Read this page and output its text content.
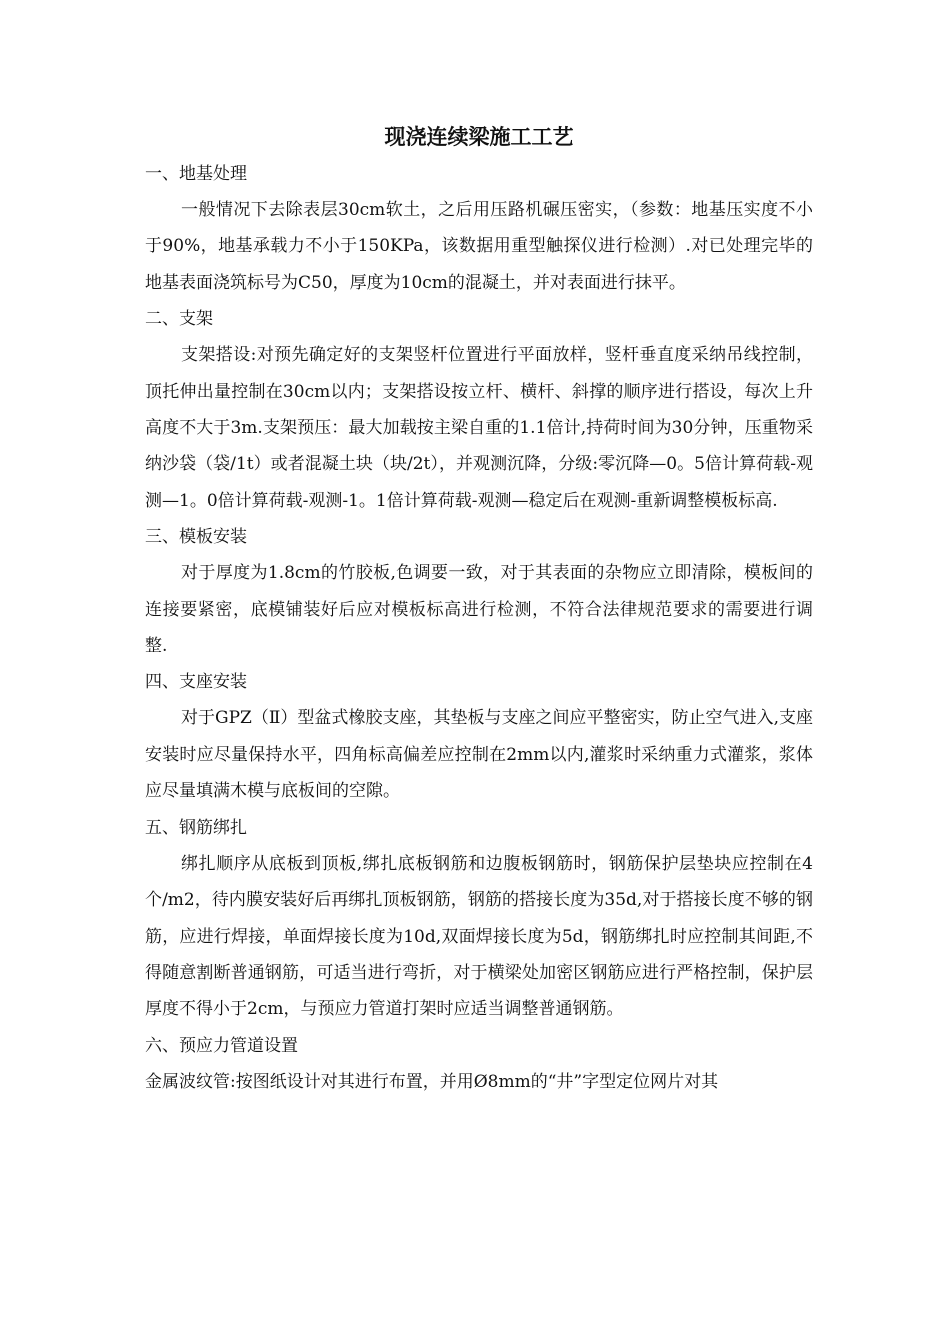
现浇连续梁施工工艺

一、地基处理

一般情况下去除表层30cm软土，之后用压路机碾压密实，（参数：地基压实度不小于90%，地基承载力不小于150KPa，该数据用重型触探仪进行检测）.对已处理完毕的地基表面浇筑标号为C50，厚度为10cm的混凝土，并对表面进行抹平。

二、支架

支架搭设:对预先确定好的支架竖杆位置进行平面放样，竖杆垂直度采纳吊线控制，顶托伸出量控制在30cm以内；支架搭设按立杆、横杆、斜撑的顺序进行搭设，每次上升高度不大于3m.支架预压：最大加载按主梁自重的1.1倍计,持荷时间为30分钟，压重物采纳沙袋（袋/1t）或者混凝土块（块/2t），并观测沉降，分级:零沉降—0。5倍计算荷载-观测—1。0倍计算荷载-观测-1。1倍计算荷载-观测—稳定后在观测-重新调整模板标高.

三、模板安装

对于厚度为1.8cm的竹胶板,色调要一致，对于其表面的杂物应立即清除，模板间的连接要紧密，底模铺装好后应对模板标高进行检测，不符合法律规范要求的需要进行调整.

四、支座安装

对于GPZ（Ⅱ）型盆式橡胶支座，其垫板与支座之间应平整密实，防止空气进入,支座安装时应尽量保持水平，四角标高偏差应控制在2mm以内,灌浆时采纳重力式灌浆，浆体应尽量填满木模与底板间的空隙。

五、钢筋绑扎

绑扎顺序从底板到顶板,绑扎底板钢筋和边腹板钢筋时，钢筋保护层垫块应控制在4个/m2，待内膜安装好后再绑扎顶板钢筋，钢筋的搭接长度为35d,对于搭接长度不够的钢筋，应进行焊接，单面焊接长度为10d,双面焊接长度为5d，钢筋绑扎时应控制其间距,不得随意割断普通钢筋，可适当进行弯折，对于横梁处加密区钢筋应进行严格控制，保护层厚度不得小于2cm，与预应力管道打架时应适当调整普通钢筋。

六、预应力管道设置

金属波纹管:按图纸设计对其进行布置，并用Ø8mm的“井”字型定位网片对其
